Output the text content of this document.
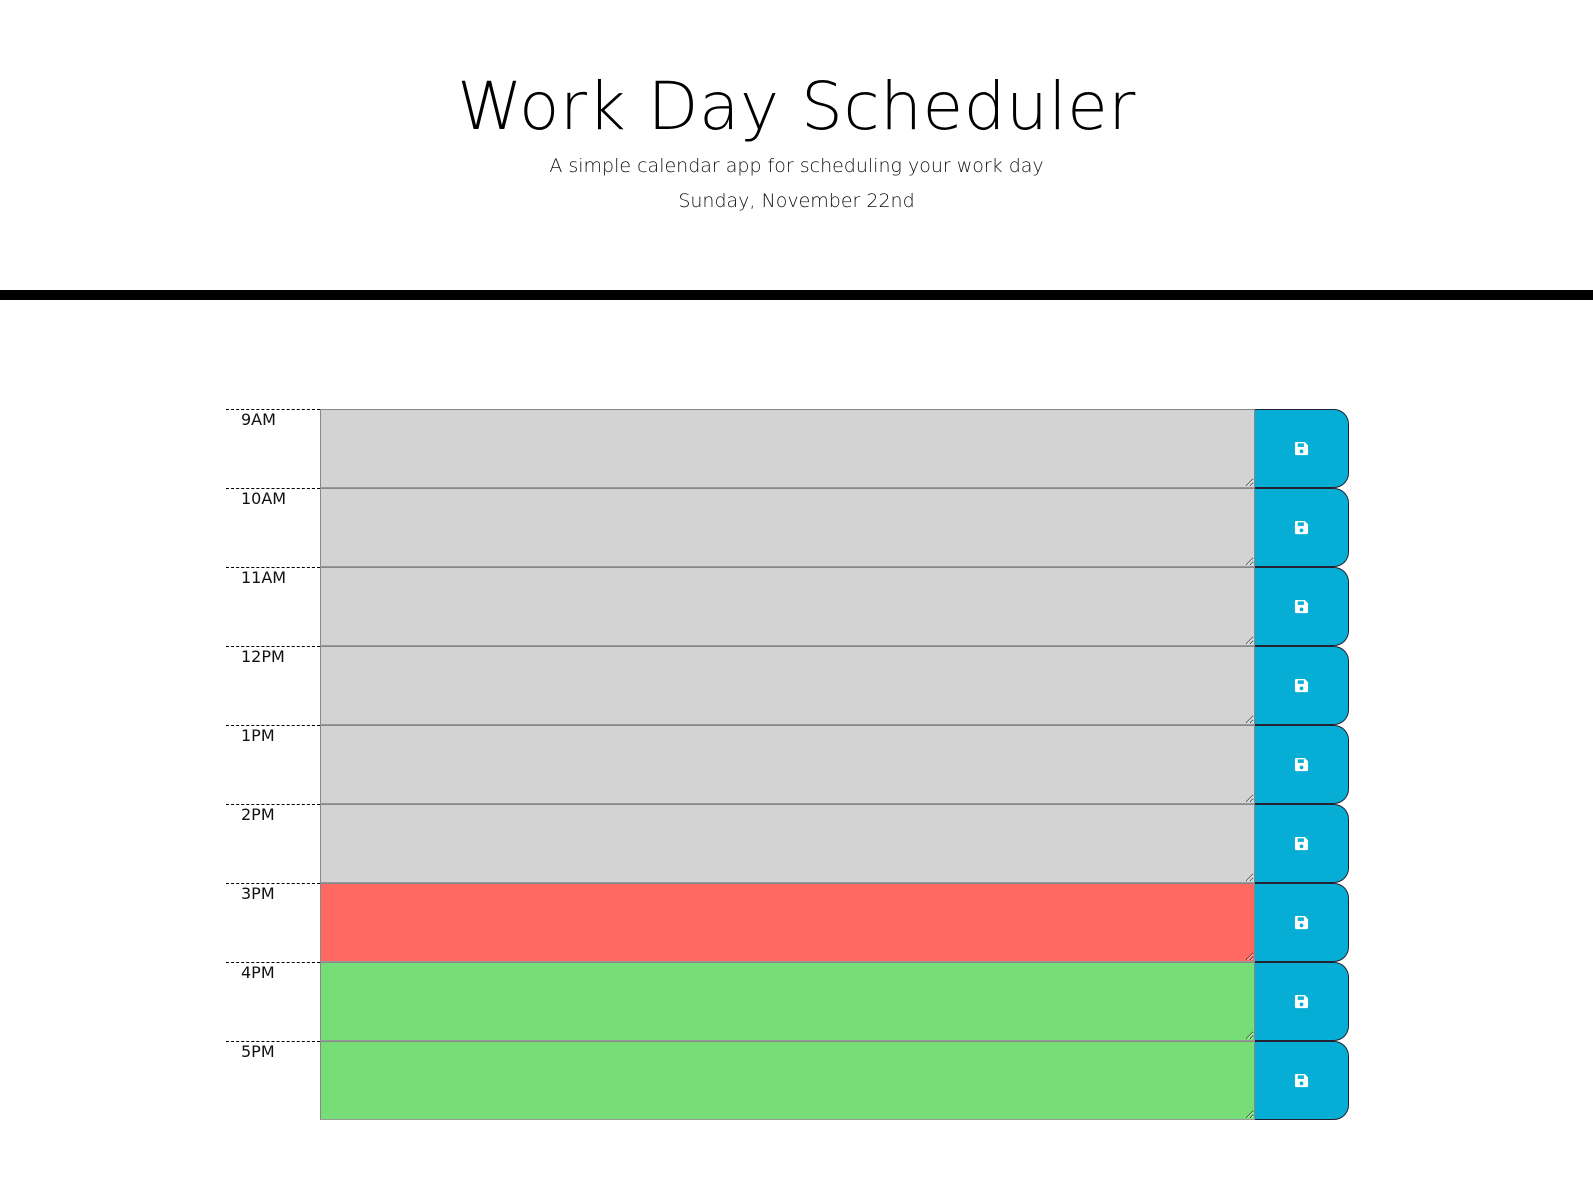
Work Day Scheduler

A simple calendar app for scheduling your work day

Sunday, November 22nd

9AM
10AM
11AM
12PM
1PM
2PM
3PM
4PM
5PM
